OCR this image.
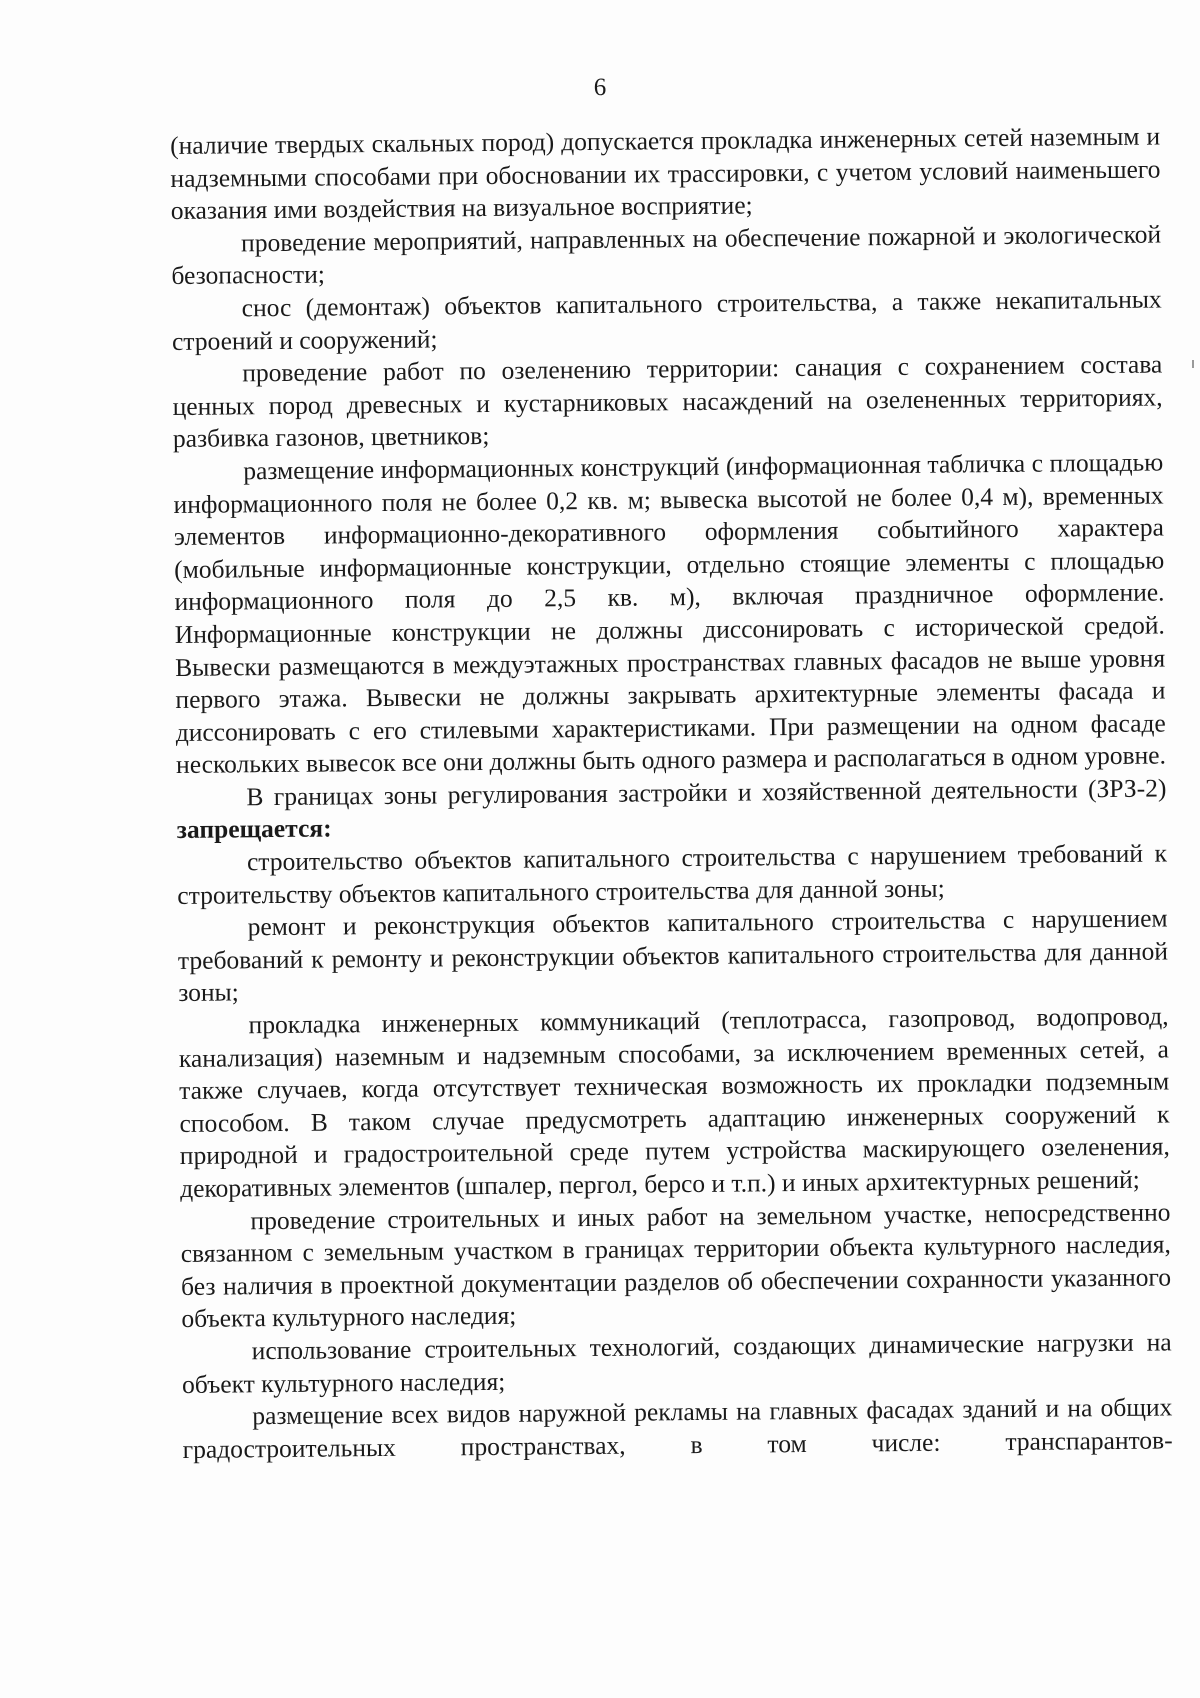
6

(наличие твердых скальных пород) допускается прокладка инженерных сетей наземным и надземными способами при обосновании их трассировки, с учетом условий наименьшего оказания ими воздействия на визуальное восприятие;

проведение мероприятий, направленных на обеспечение пожарной и экологической безопасности;

снос (демонтаж) объектов капитального строительства, а также некапитальных строений и сооружений;

проведение работ по озеленению территории: санация с сохранением состава ценных пород древесных и кустарниковых насаждений на озелененных территориях, разбивка газонов, цветников;

размещение информационных конструкций (информационная табличка с площадью информационного поля не более 0,2 кв. м; вывеска высотой не более 0,4 м), временных элементов информационно-декоративного оформления событийного характера (мобильные информационные конструкции, отдельно стоящие элементы с площадью информационного поля до 2,5 кв. м), включая праздничное оформление. Информационные конструкции не должны диссонировать с исторической средой. Вывески размещаются в междуэтажных пространствах главных фасадов не выше уровня первого этажа. Вывески не должны закрывать архитектурные элементы фасада и диссонировать с его стилевыми характеристиками. При размещении на одном фасаде нескольких вывесок все они должны быть одного размера и располагаться в одном уровне.

В границах зоны регулирования застройки и хозяйственной деятельности (ЗРЗ-2) запрещается:

строительство объектов капитального строительства с нарушением требований к строительству объектов капитального строительства для данной зоны;

ремонт и реконструкция объектов капитального строительства с нарушением требований к ремонту и реконструкции объектов капитального строительства для данной зоны;

прокладка инженерных коммуникаций (теплотрасса, газопровод, водопровод, канализация) наземным и надземным способами, за исключением временных сетей, а также случаев, когда отсутствует техническая возможность их прокладки подземным способом. В таком случае предусмотреть адаптацию инженерных сооружений к природной и градостроительной среде путем устройства маскирующего озеленения, декоративных элементов (шпалер, пергол, берсо и т.п.) и иных архитектурных решений;

проведение строительных и иных работ на земельном участке, непосредственно связанном с земельным участком в границах территории объекта культурного наследия, без наличия в проектной документации разделов об обеспечении сохранности указанного объекта культурного наследия;

использование строительных технологий, создающих динамические нагрузки на объект культурного наследия;

размещение всех видов наружной рекламы на главных фасадах зданий и на общих градостроительных пространствах, в том числе: транспарантов-
